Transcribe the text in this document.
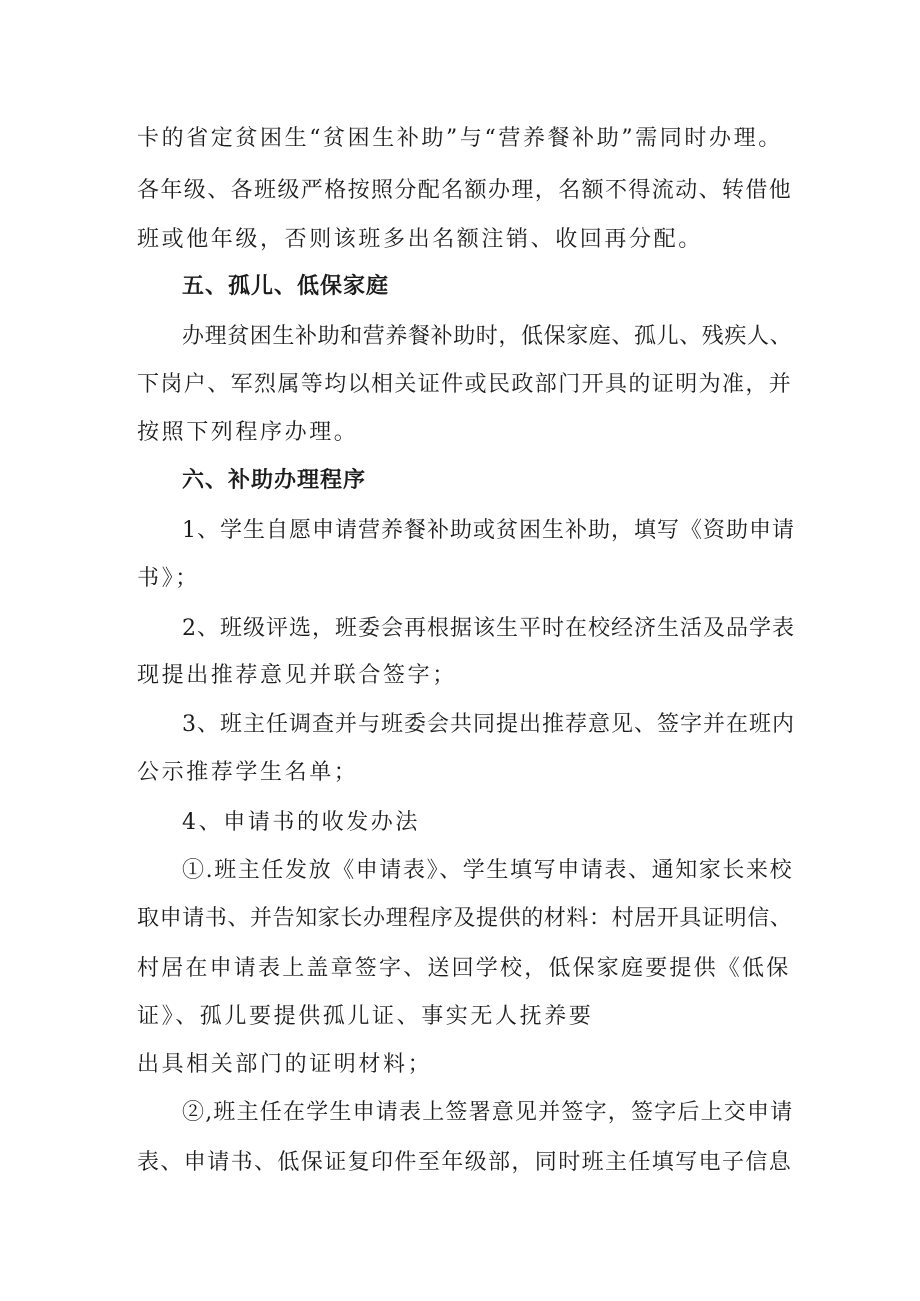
卡的省定贫困生“贫困生补助”与“营养餐补助”需同时办理。
各年级、各班级严格按照分配名额办理，名额不得流动、转借他
班或他年级，否则该班多出名额注销、收回再分配。
五、孤儿、低保家庭
办理贫困生补助和营养餐补助时，低保家庭、孤儿、残疾人、
下岗户、军烈属等均以相关证件或民政部门开具的证明为准，并
按照下列程序办理。
六、补助办理程序
1、学生自愿申请营养餐补助或贫困生补助，填写《资助申请
书》；
2、班级评选，班委会再根据该生平时在校经济生活及品学表
现提出推荐意见并联合签字；
3、班主任调查并与班委会共同提出推荐意见、签字并在班内
公示推荐学生名单；
4、申请书的收发办法
①.班主任发放《申请表》、学生填写申请表、通知家长来校
取申请书、并告知家长办理程序及提供的材料：村居开具证明信、
村居在申请表上盖章签字、送回学校，低保家庭要提供《低保
证》、孤儿要提供孤儿证、事实无人抚养要
出具相关部门的证明材料；
②,班主任在学生申请表上签署意见并签字，签字后上交申请
表、申请书、低保证复印件至年级部，同时班主任填写电子信息
